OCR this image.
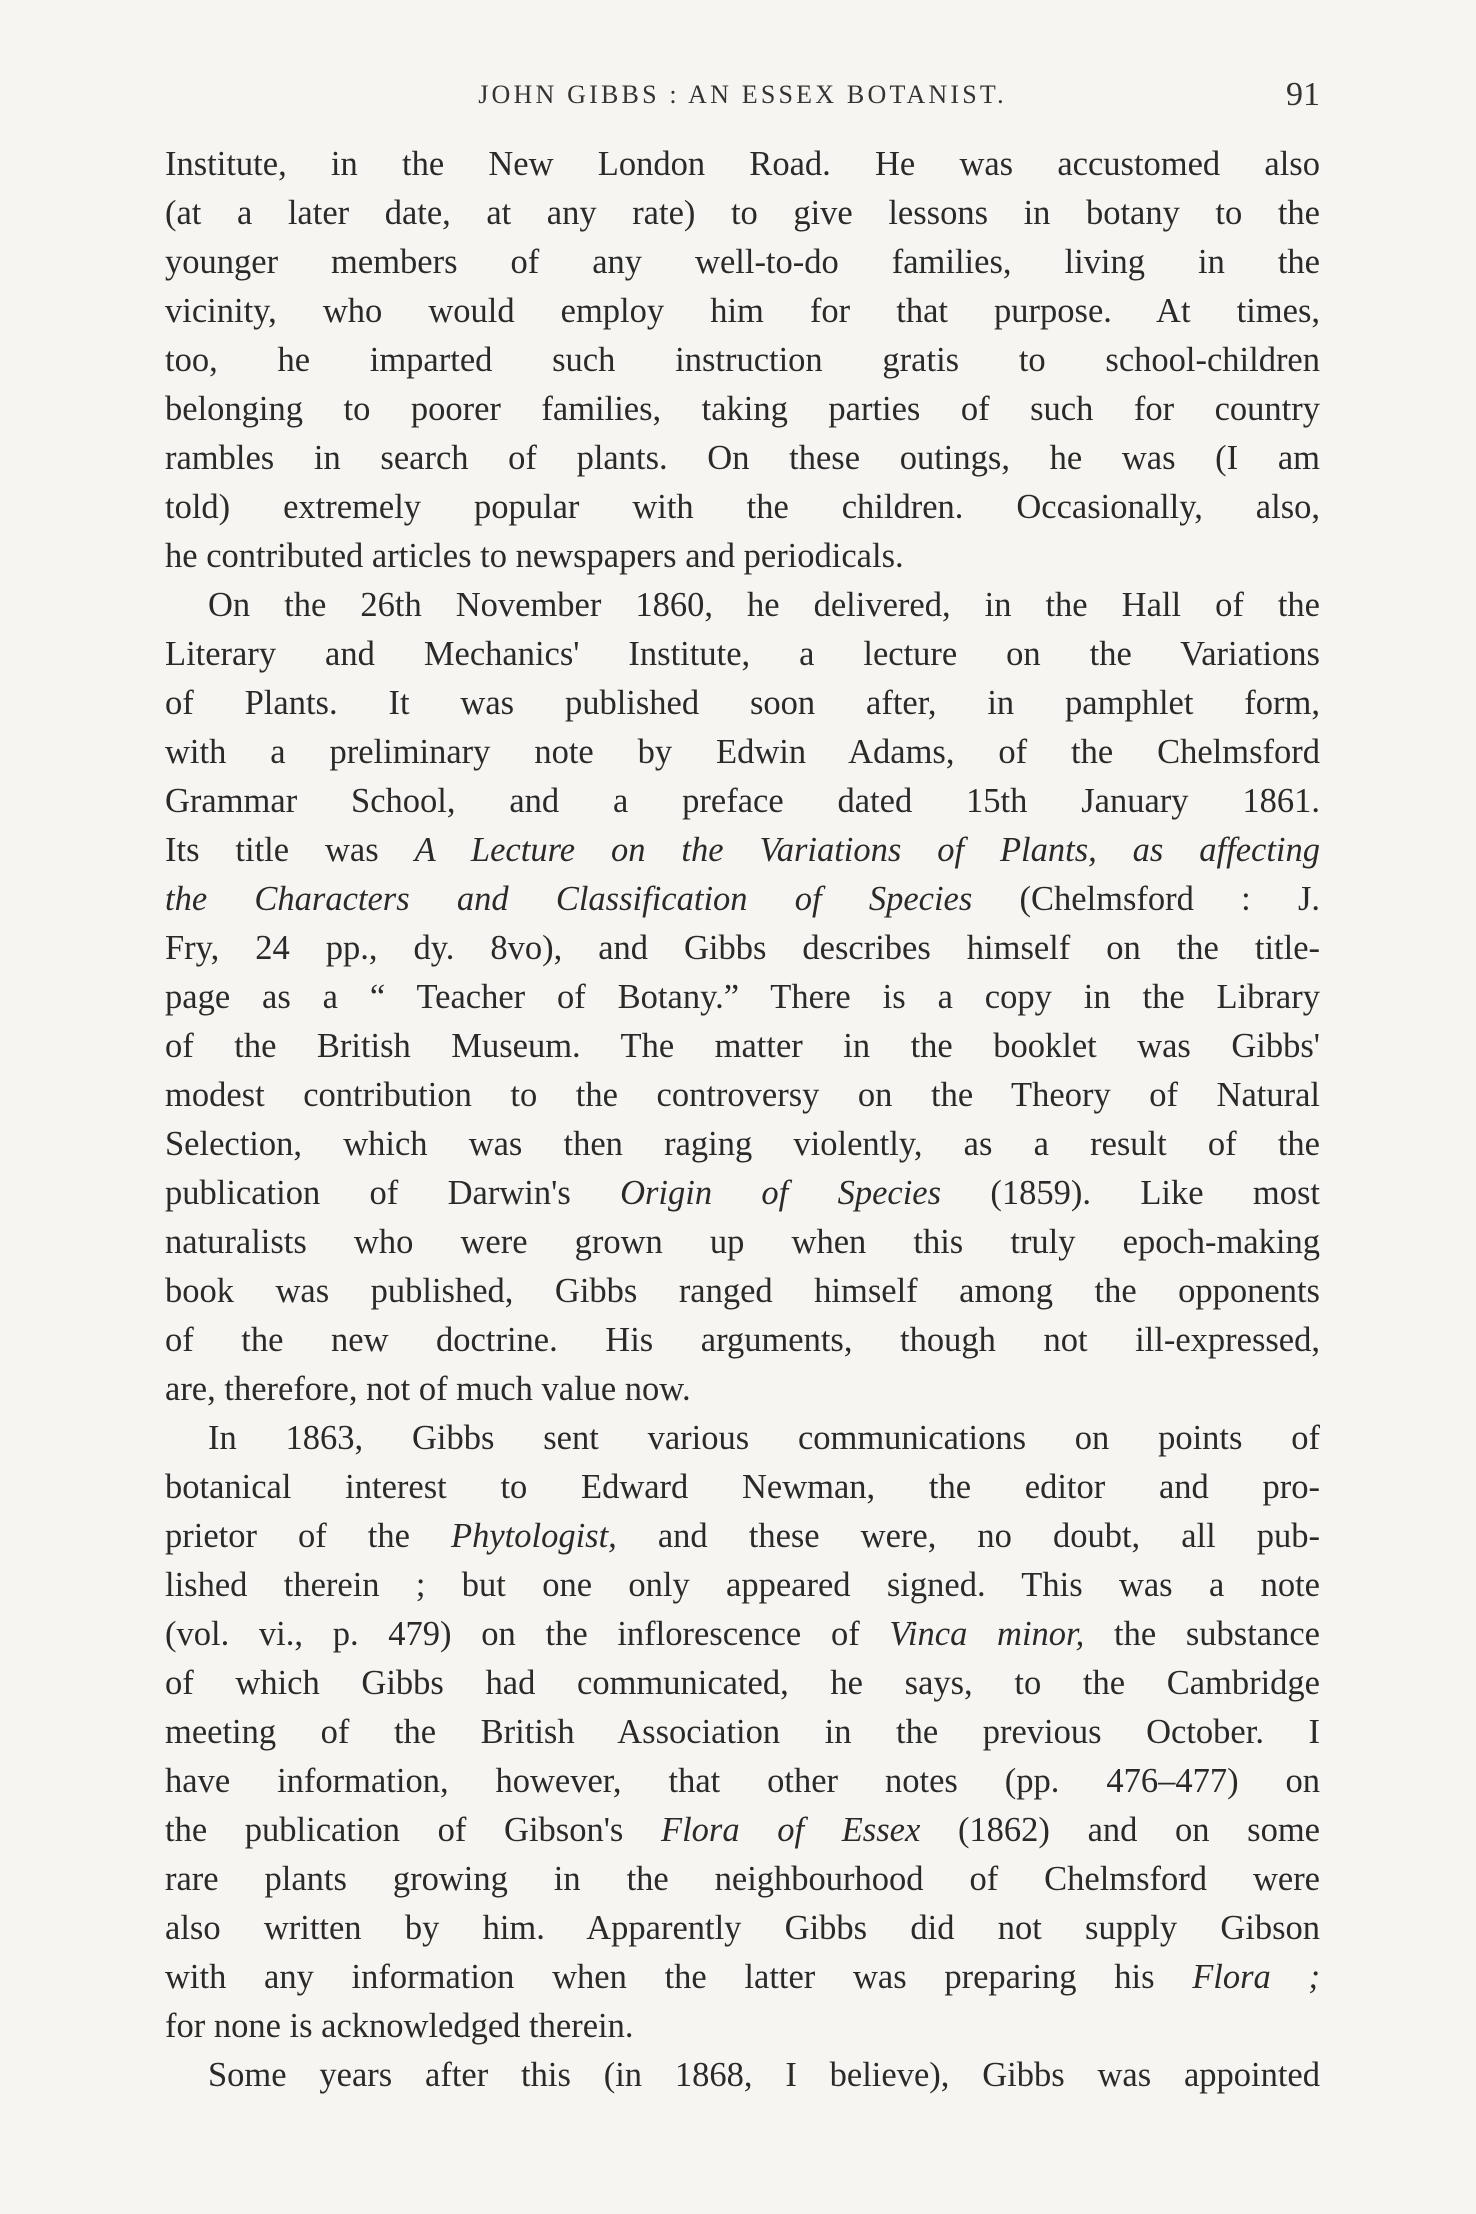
JOHN GIBBS : AN ESSEX BOTANIST.	91
Institute, in the New London Road. He was accustomed also
(at a later date, at any rate) to give lessons in botany to the
younger members of any well-to-do families, living in the
vicinity, who would employ him for that purpose. At times,
too, he imparted such instruction gratis to school-children
belonging to poorer families, taking parties of such for country
rambles in search of plants. On these outings, he was (I am
told) extremely popular with the children. Occasionally, also,
he contributed articles to newspapers and periodicals.
On the 26th November 1860, he delivered, in the Hall of the
Literary and Mechanics' Institute, a lecture on the Variations
of Plants. It was published soon after, in pamphlet form,
with a preliminary note by Edwin Adams, of the Chelmsford
Grammar School, and a preface dated 15th January 1861.
Its title was A Lecture on the Variations of Plants, as affecting
the Characters and Classification of Species (Chelmsford : J.
Fry, 24 pp., dy. 8vo), and Gibbs describes himself on the title-
page as a “ Teacher of Botany.” There is a copy in the Library
of the British Museum. The matter in the booklet was Gibbs'
modest contribution to the controversy on the Theory of Natural
Selection, which was then raging violently, as a result of the
publication of Darwin's Origin of Species (1859). Like most
naturalists who were grown up when this truly epoch-making
book was published, Gibbs ranged himself among the opponents
of the new doctrine. His arguments, though not ill-expressed,
are, therefore, not of much value now.
In 1863, Gibbs sent various communications on points of
botanical interest to Edward Newman, the editor and pro-
prietor of the Phytologist, and these were, no doubt, all pub-
lished therein ; but one only appeared signed. This was a note
(vol. vi., p. 479) on the inflorescence of Vinca minor, the substance
of which Gibbs had communicated, he says, to the Cambridge
meeting of the British Association in the previous October. I
have information, however, that other notes (pp. 476–477) on
the publication of Gibson's Flora of Essex (1862) and on some
rare plants growing in the neighbourhood of Chelmsford were
also written by him. Apparently Gibbs did not supply Gibson
with any information when the latter was preparing his Flora ;
for none is acknowledged therein.
Some years after this (in 1868, I believe), Gibbs was appointed
